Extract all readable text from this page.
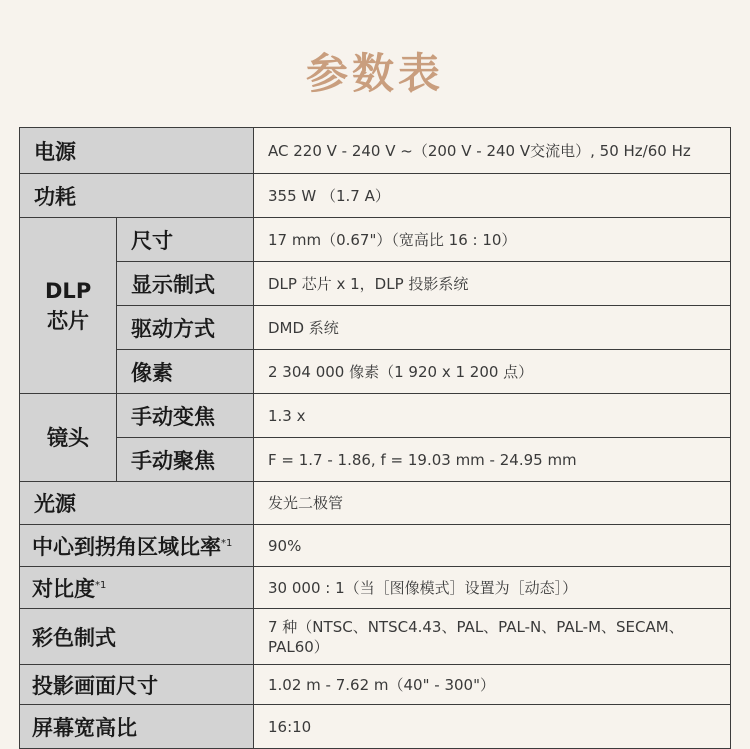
参数表
电源		AC 220 V - 240 V ~（200 V - 240 V交流电）, 50 Hz/60 Hz
功耗		355 W （1.7 A）

DLP 芯片	尺寸	17 mm（0.67"）（宽高比 16 : 10）
	显示制式	DLP 芯片 x 1，DLP 投影系统
	驱动方式	DMD 系统
	像素	2 304 000 像素（1 920 x 1 200 点）
镜头	手动变焦	1.3 x
	手动聚焦	F = 1.7 - 1.86, f = 19.03 mm - 24.95 mm
光源		发光二极管
中心到拐角区域比率$^{*1}$		90%
对比度$^{*1}$		30 000 : 1（当［图像模式］设置为［动态］）
彩色制式		7 种（NTSC、NTSC4.43、PAL、PAL-N、PAL-M、SECAM、PAL60）
投影画面尺寸		1.02 m - 7.62 m（40" - 300"）
屏幕宽高比		16:10
